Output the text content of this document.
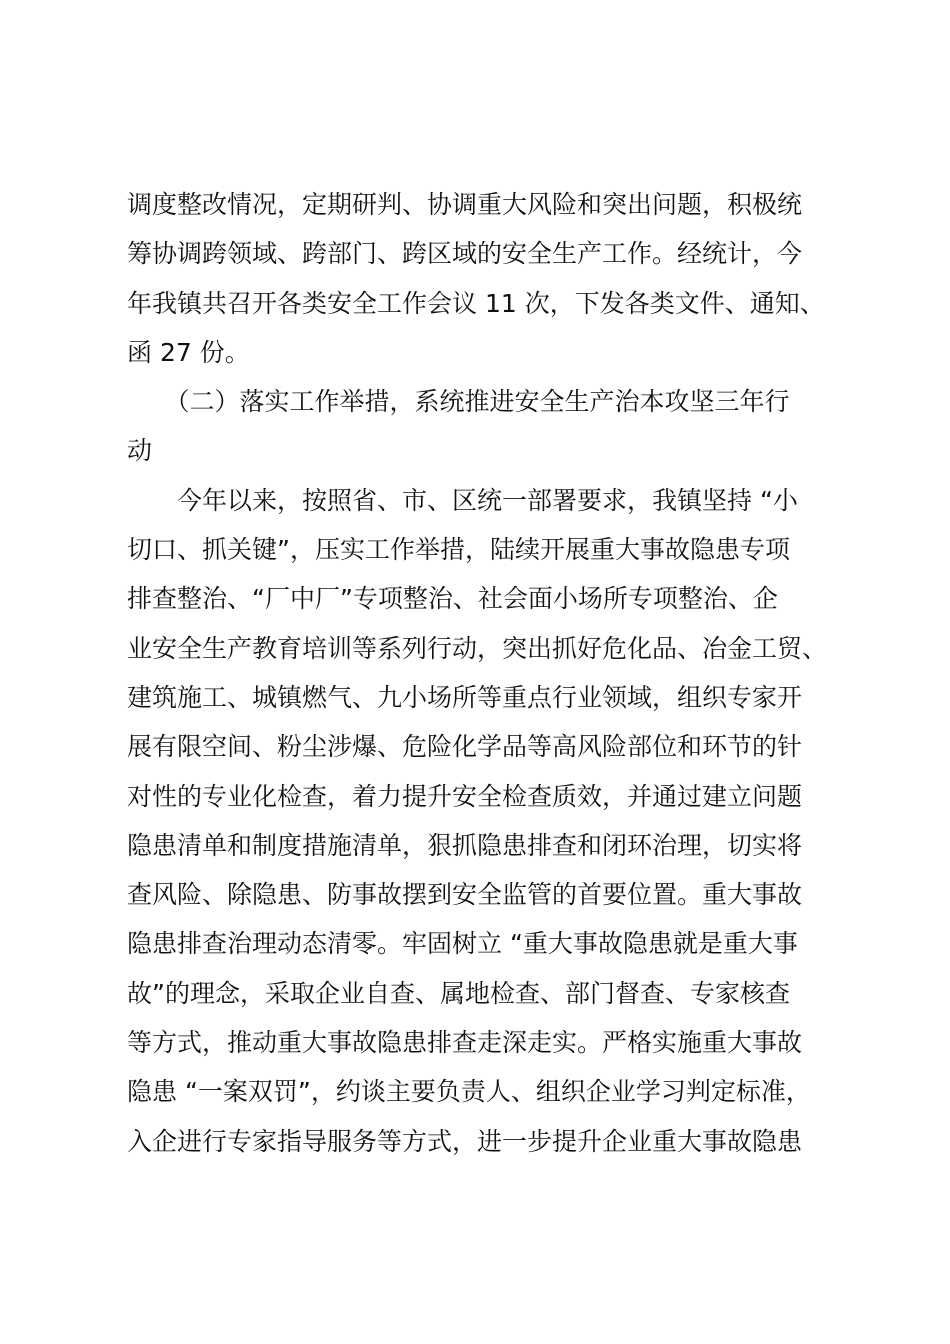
调度整改情况，定期研判、协调重大风险和突出问题，积极统
筹协调跨领域、跨部门、跨区域的安全生产工作。经统计，今
年我镇共召开各类安全工作会议 11 次，下发各类文件、通知、
函 27 份。
　　（二）落实工作举措，系统推进安全生产治本攻坚三年行
动
　　今年以来，按照省、市、区统一部署要求，我镇坚持 “小
切口、抓关键”，压实工作举措，陆续开展重大事故隐患专项
排查整治、“厂中厂”专项整治、社会面小场所专项整治、企
业安全生产教育培训等系列行动，突出抓好危化品、冶金工贸、
建筑施工、城镇燃气、九小场所等重点行业领域，组织专家开
展有限空间、粉尘涉爆、危险化学品等高风险部位和环节的针
对性的专业化检查，着力提升安全检查质效，并通过建立问题
隐患清单和制度措施清单，狠抓隐患排查和闭环治理，切实将
查风险、除隐患、防事故摆到安全监管的首要位置。重大事故
隐患排查治理动态清零。牢固树立 “重大事故隐患就是重大事
故”的理念，采取企业自查、属地检查、部门督查、专家核查
等方式，推动重大事故隐患排查走深走实。严格实施重大事故
隐患 “一案双罚”，约谈主要负责人、组织企业学习判定标准，
入企进行专家指导服务等方式，进一步提升企业重大事故隐患
